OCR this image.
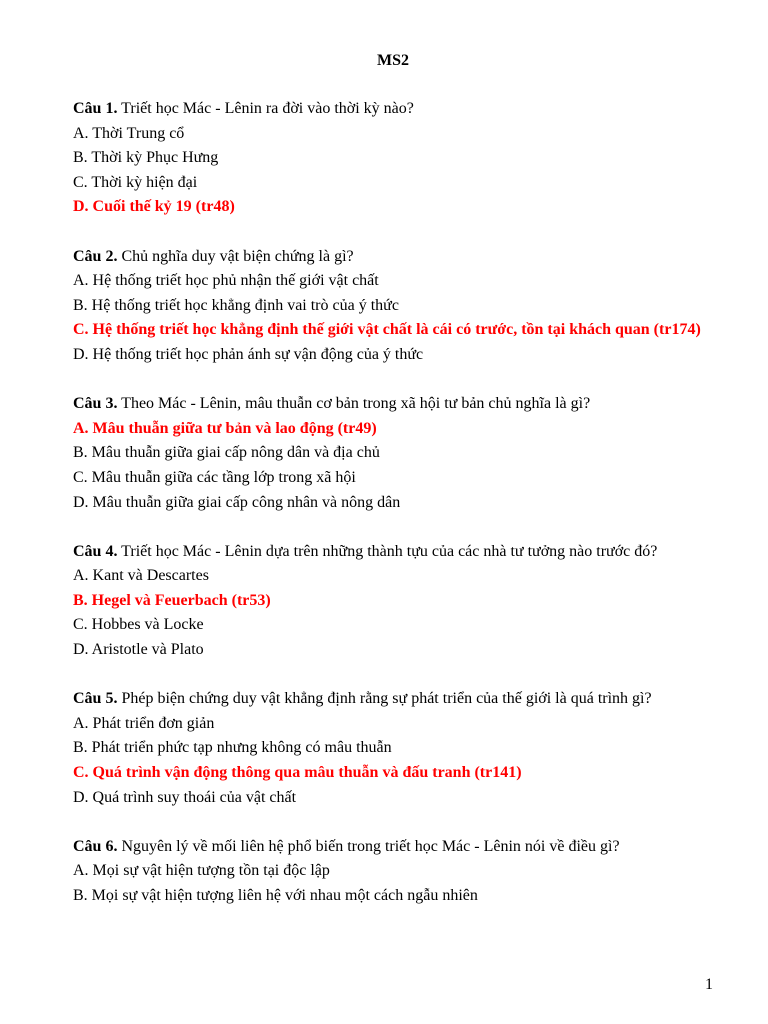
MS2
Câu 1. Triết học Mác - Lênin ra đời vào thời kỳ nào?
A. Thời Trung cổ
B. Thời kỳ Phục Hưng
C. Thời kỳ hiện đại
D. Cuối thế kỷ 19 (tr48)
Câu 2. Chủ nghĩa duy vật biện chứng là gì?
A. Hệ thống triết học phủ nhận thế giới vật chất
B. Hệ thống triết học khẳng định vai trò của ý thức
C. Hệ thống triết học khẳng định thế giới vật chất là cái có trước, tồn tại khách quan (tr174)
D. Hệ thống triết học phản ánh sự vận động của ý thức
Câu 3. Theo Mác - Lênin, mâu thuẫn cơ bản trong xã hội tư bản chủ nghĩa là gì?
A. Mâu thuẫn giữa tư bản và lao động (tr49)
B. Mâu thuẫn giữa giai cấp nông dân và địa chủ
C. Mâu thuẫn giữa các tầng lớp trong xã hội
D. Mâu thuẫn giữa giai cấp công nhân và nông dân
Câu 4. Triết học Mác - Lênin dựa trên những thành tựu của các nhà tư tưởng nào trước đó?
A. Kant và Descartes
B. Hegel và Feuerbach (tr53)
C. Hobbes và Locke
D. Aristotle và Plato
Câu 5. Phép biện chứng duy vật khẳng định rằng sự phát triển của thế giới là quá trình gì?
A. Phát triển đơn giản
B. Phát triển phức tạp nhưng không có mâu thuẫn
C. Quá trình vận động thông qua mâu thuẫn và đấu tranh (tr141)
D. Quá trình suy thoái của vật chất
Câu 6. Nguyên lý về mối liên hệ phổ biến trong triết học Mác - Lênin nói về điều gì?
A. Mọi sự vật hiện tượng tồn tại độc lập
B. Mọi sự vật hiện tượng liên hệ với nhau một cách ngẫu nhiên
1
